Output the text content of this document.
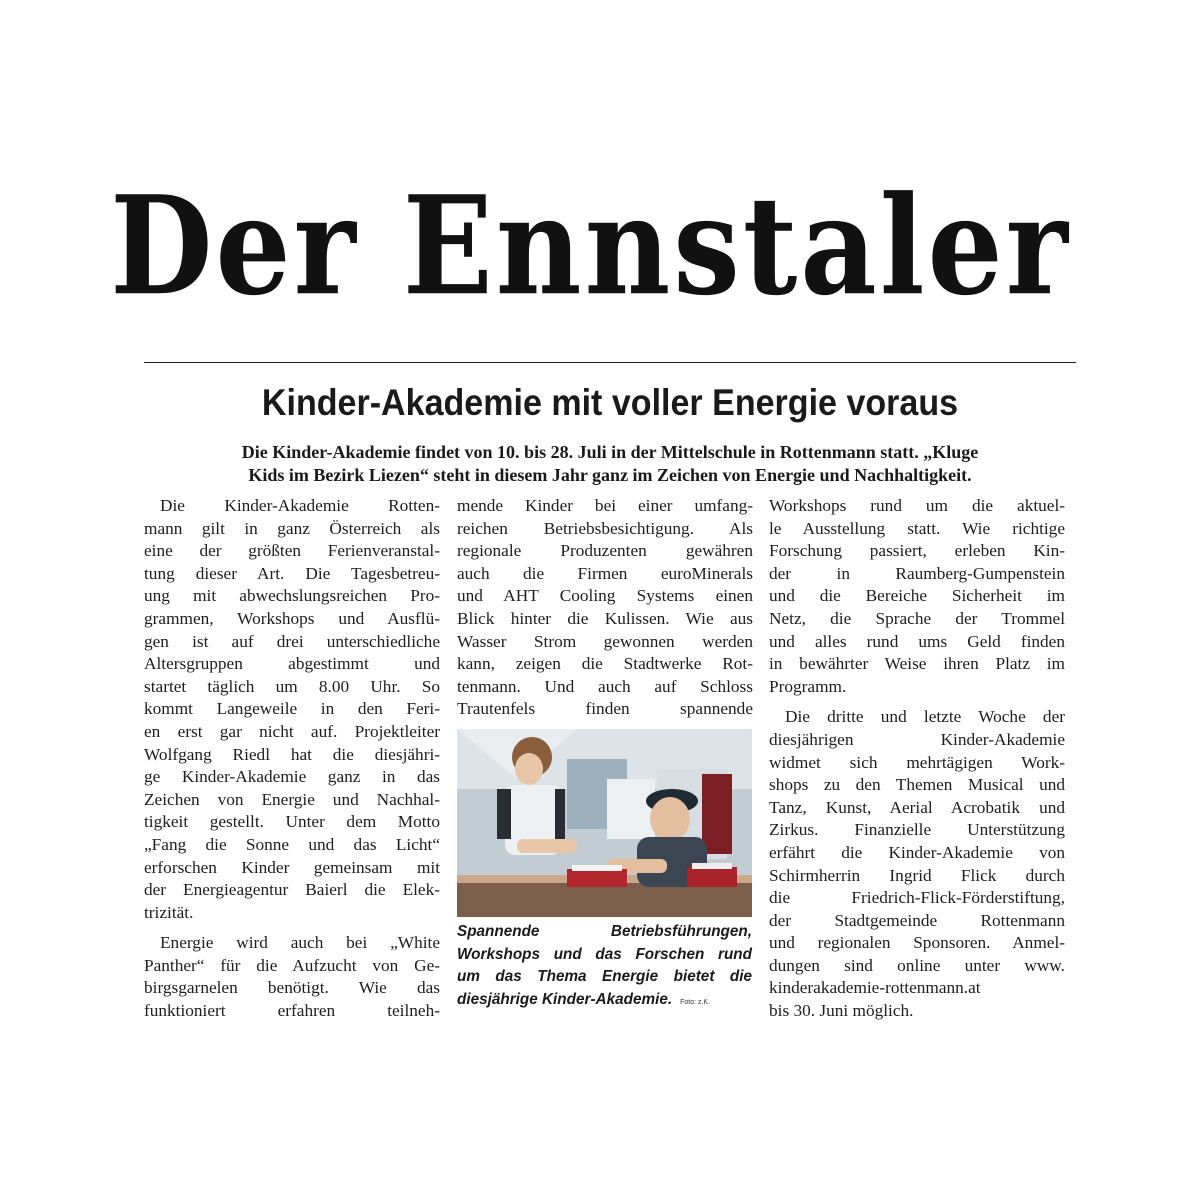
Der Ennstaler
Kinder-Akademie mit voller Energie voraus

Die Kinder-Akademie findet von 10. bis 28. Juli in der Mittelschule in Rottenmann statt. „Kluge

Kids im Bezirk Liezen“ steht in diesem Jahr ganz im Zeichen von Energie und Nachhaltigkeit.

Die Kinder-Akademie Rotten-
mann gilt in ganz Österreich als
eine der größten Ferienveranstal-
tung dieser Art. Die Tagesbetreu-
ung mit abwechslungsreichen Pro-
grammen, Workshops und Ausflü-
gen ist auf drei unterschiedliche
Altersgruppen abgestimmt und
startet täglich um 8.00 Uhr. So
kommt Langeweile in den Feri-
en erst gar nicht auf. Projektleiter
Wolfgang Riedl hat die diesjähri-
ge Kinder-Akademie ganz in das
Zeichen von Energie und Nachhal-
tigkeit gestellt. Unter dem Motto
„Fang die Sonne und das Licht“
erforschen Kinder gemeinsam mit
der Energieagentur Baierl die Elek-
trizität.
Energie wird auch bei „White
Panther“ für die Aufzucht von Ge-
birgsgarnelen benötigt. Wie das
funktioniert erfahren teilneh-
mende Kinder bei einer umfang-
reichen Betriebsbesichtigung. Als
regionale Produzenten gewähren
auch die Firmen euroMinerals
und AHT Cooling Systems einen
Blick hinter die Kulissen. Wie aus
Wasser Strom gewonnen werden
kann, zeigen die Stadtwerke Rot-
tenmann. Und auch auf Schloss
Trautenfels finden spannende
Spannende Betriebsführungen,
Workshops und das Forschen rund
um das Thema Energie bietet die
diesjährige Kinder-Akademie. Foto: z.K.
Workshops rund um die aktuel-
le Ausstellung statt. Wie richtige
Forschung passiert, erleben Kin-
der in Raumberg-Gumpenstein
und die Bereiche Sicherheit im
Netz, die Sprache der Trommel
und alles rund ums Geld finden
in bewährter Weise ihren Platz im
Programm.
Die dritte und letzte Woche der
diesjährigen Kinder-Akademie
widmet sich mehrtägigen Work-
shops zu den Themen Musical und
Tanz, Kunst, Aerial Acrobatik und
Zirkus. Finanzielle Unterstützung
erfährt die Kinder-Akademie von
Schirmherrin Ingrid Flick durch
die Friedrich-Flick-Förderstiftung,
der Stadtgemeinde Rottenmann
und regionalen Sponsoren. Anmel-
dungen sind online unter www.
kinderakademie-rottenmann.at
bis 30. Juni möglich.
